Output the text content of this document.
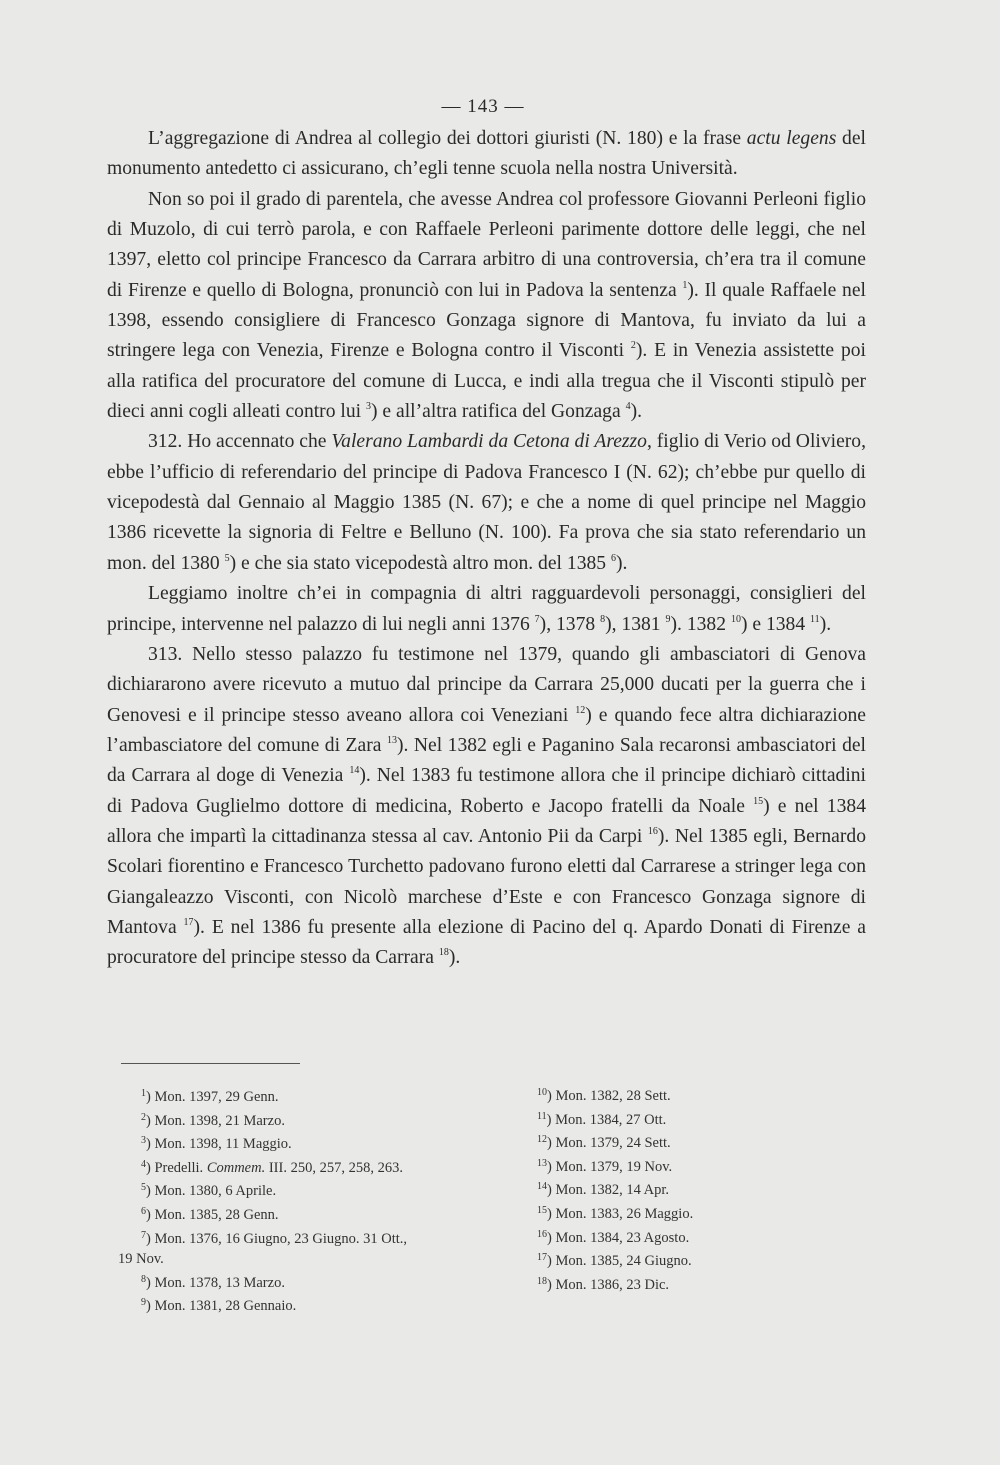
— 143 —

L’aggregazione di Andrea al collegio dei dottori giuristi (N. 180) e la frase actu legens del monumento antedetto ci assicurano, ch’egli tenne scuola nella nostra Università.

Non so poi il grado di parentela, che avesse Andrea col professore Giovanni Perleoni figlio di Muzolo, di cui terrò parola, e con Raffaele Perleoni parimente dottore delle leggi, che nel 1397, eletto col principe Francesco da Carrara arbitro di una controversia, ch’era tra il comune di Firenze e quello di Bologna, pronunciò con lui in Padova la sentenza $^1$). Il quale Raffaele nel 1398, essendo consigliere di Francesco Gonzaga signore di Mantova, fu inviato da lui a stringere lega con Venezia, Firenze e Bologna contro il Visconti $^2$). E in Venezia assistette poi alla ratifica del procuratore del comune di Lucca, e indi alla tregua che il Visconti stipulò per dieci anni cogli alleati contro lui $^3$) e all’altra ratifica del Gonzaga $^4$).

312. Ho accennato che Valerano Lambardi da Cetona di Arezzo, figlio di Verio od Oliviero, ebbe l’ufficio di referendario del principe di Padova Francesco I (N. 62); ch’ebbe pur quello di vicepodestà dal Gennaio al Maggio 1385 (N. 67); e che a nome di quel principe nel Maggio 1386 ricevette la signoria di Feltre e Belluno (N. 100). Fa prova che sia stato referendario un mon. del 1380 $^5$) e che sia stato vicepodestà altro mon. del 1385 $^6$).

Leggiamo inoltre ch’ei in compagnia di altri ragguardevoli personaggi, consiglieri del principe, intervenne nel palazzo di lui negli anni 1376 $^7$), 1378 $^8$), 1381 $^9$). 1382 $^{10}$) e 1384 $^{11}$).

313. Nello stesso palazzo fu testimone nel 1379, quando gli ambasciatori di Genova dichiararono avere ricevuto a mutuo dal principe da Carrara 25,000 ducati per la guerra che i Genovesi e il principe stesso aveano allora coi Veneziani $^{12}$) e quando fece altra dichiarazione l’ambasciatore del comune di Zara $^{13}$). Nel 1382 egli e Paganino Sala recaronsi ambasciatori del da Carrara al doge di Venezia $^{14}$). Nel 1383 fu testimone allora che il principe dichiarò cittadini di Padova Guglielmo dottore di medicina, Roberto e Jacopo fratelli da Noale $^{15}$) e nel 1384 allora che impartì la cittadinanza stessa al cav. Antonio Pii da Carpi $^{16}$). Nel 1385 egli, Bernardo Scolari fiorentino e Francesco Turchetto padovano furono eletti dal Carrarese a stringer lega con Giangaleazzo Visconti, con Nicolò marchese d’Este e con Francesco Gonzaga signore di Mantova $^{17}$). E nel 1386 fu presente alla elezione di Pacino del q. Apardo Donati di Firenze a procuratore del principe stesso da Carrara $^{18}$).

$^1$) Mon. 1397, 29 Genn.
$^2$) Mon. 1398, 21 Marzo.
$^3$) Mon. 1398, 11 Maggio.
$^4$) Predelli. Commem. III. 250, 257, 258, 263.
$^5$) Mon. 1380, 6 Aprile.
$^6$) Mon. 1385, 28 Genn.
$^7$) Mon. 1376, 16 Giugno, 23 Giugno. 31 Ott.,
19 Nov.
$^8$) Mon. 1378, 13 Marzo.
$^9$) Mon. 1381, 28 Gennaio.
$^{10}$) Mon. 1382, 28 Sett.
$^{11}$) Mon. 1384, 27 Ott.
$^{12}$) Mon. 1379, 24 Sett.
$^{13}$) Mon. 1379, 19 Nov.
$^{14}$) Mon. 1382, 14 Apr.
$^{15}$) Mon. 1383, 26 Maggio.
$^{16}$) Mon. 1384, 23 Agosto.
$^{17}$) Mon. 1385, 24 Giugno.
$^{18}$) Mon. 1386, 23 Dic.
